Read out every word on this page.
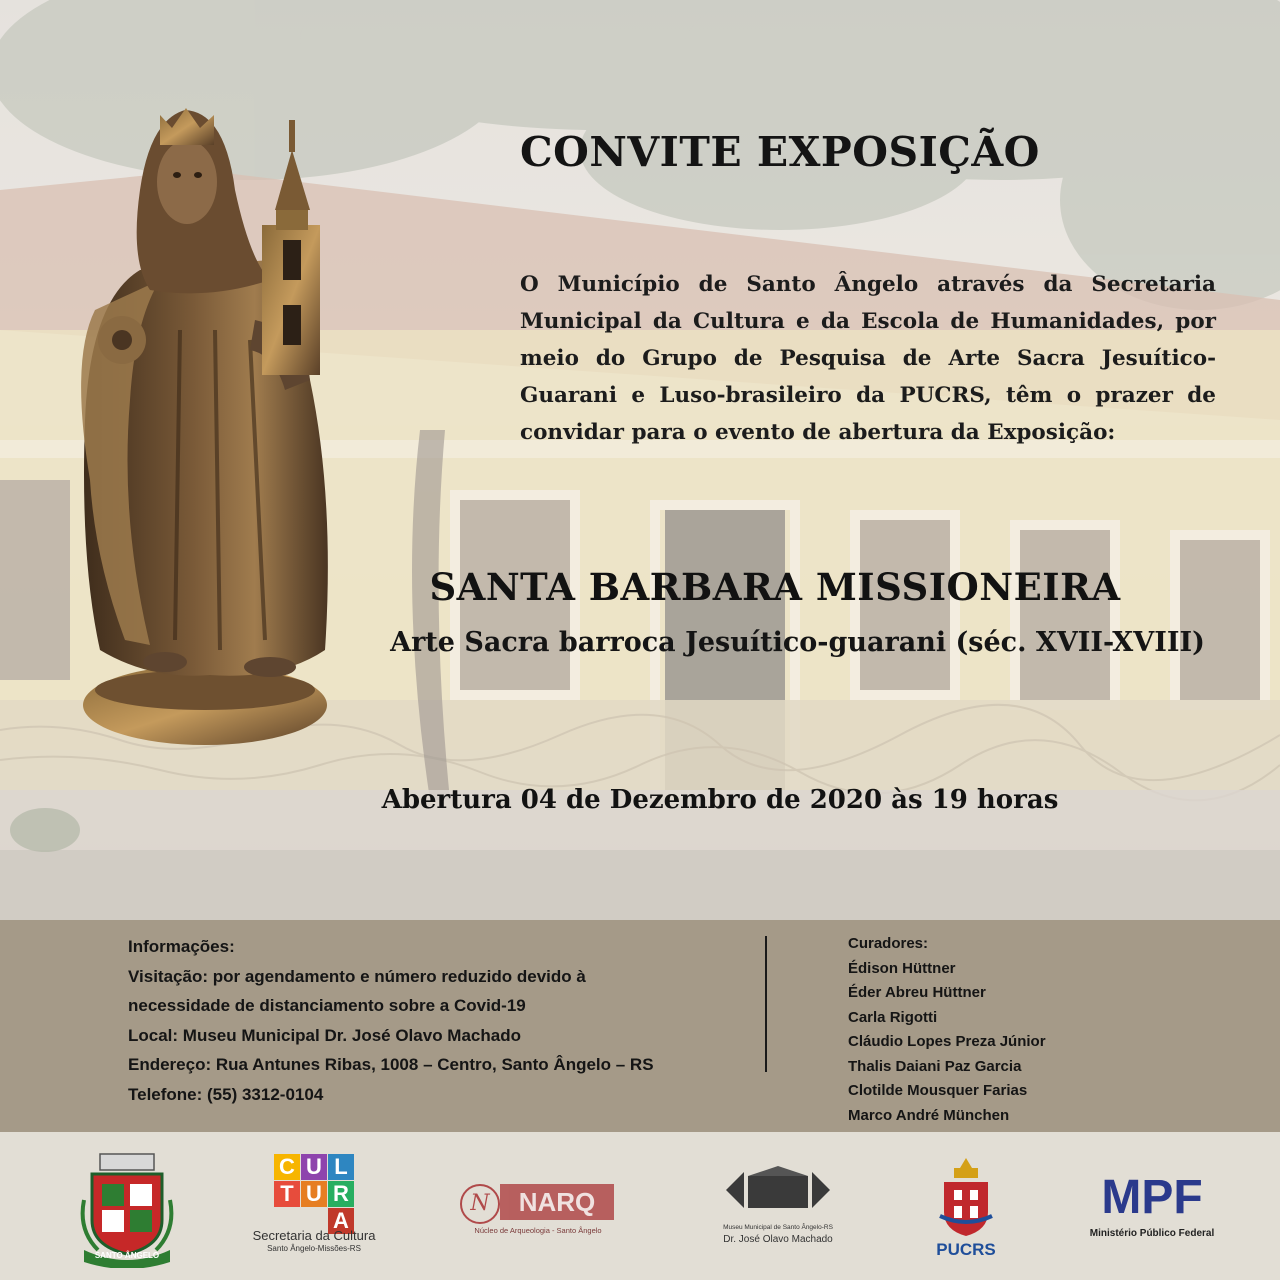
CONVITE EXPOSIÇÃO

O Município de Santo Ângelo através da Secretaria Municipal da Cultura e da Escola de Humanidades, por meio do Grupo de Pesquisa de Arte Sacra Jesuítico-Guarani e Luso-brasileiro da PUCRS, têm o prazer de convidar para o evento de abertura da Exposição:

SANTA BARBARA MISSIONEIRA

Arte Sacra barroca Jesuítico-guarani (séc. XVII-XVIII)

Abertura 04 de Dezembro de 2020 às 19 horas

Informações:
Visitação: por agendamento e número reduzido devido à
necessidade de distanciamento sobre a Covid-19
Local: Museu Municipal Dr. José Olavo Machado
Endereço: Rua Antunes Ribas, 1008 – Centro, Santo Ângelo – RS
Telefone: (55) 3312-0104
Curadores:
Édison Hüttner
Éder Abreu Hüttner
Carla Rigotti
Cláudio Lopes Preza Júnior
Thalis Daiani Paz Garcia
Clotilde Mousquer Farias
Marco André München
SANTO ÂNGELO
C U L
T U R
A
Secretaria da Cultura
Santo Ângelo-Missões-RS
N	NARQ
Núcleo de Arqueologia - Santo Ângelo	Museu Municipal de Santo Ângelo-RS
Dr. José Olavo Machado
PUCRS
MPF
Ministério Público Federal
